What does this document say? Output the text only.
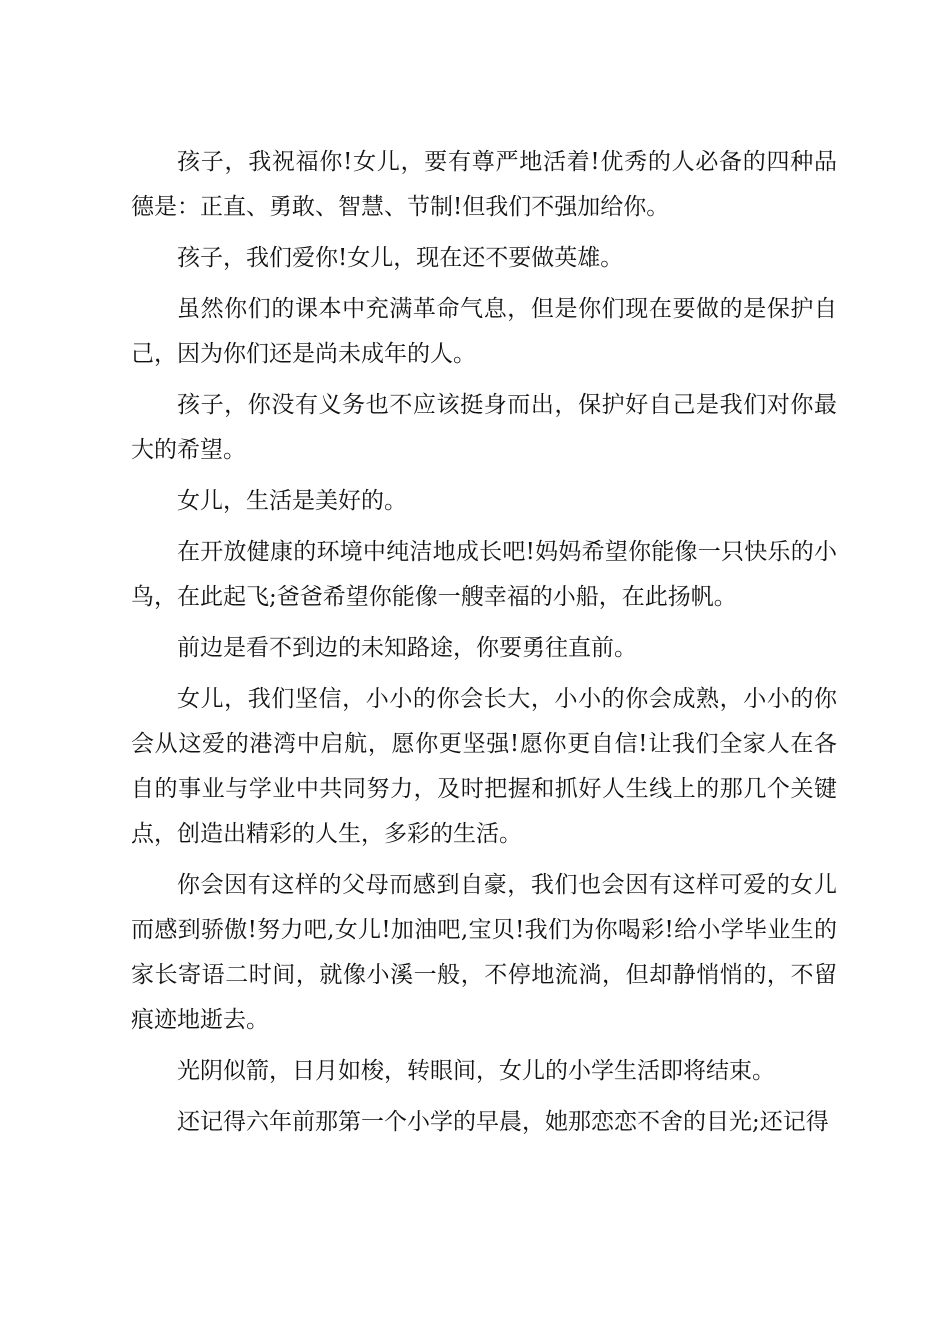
孩子，我祝福你!女儿，要有尊严地活着!优秀的人必备的四种品德是：正直、勇敢、智慧、节制!但我们不强加给你。

孩子，我们爱你!女儿，现在还不要做英雄。

虽然你们的课本中充满革命气息，但是你们现在要做的是保护自己，因为你们还是尚未成年的人。

孩子，你没有义务也不应该挺身而出，保护好自己是我们对你最大的希望。

女儿，生活是美好的。

在开放健康的环境中纯洁地成长吧!妈妈希望你能像一只快乐的小鸟，在此起飞;爸爸希望你能像一艘幸福的小船，在此扬帆。

前边是看不到边的未知路途，你要勇往直前。

女儿，我们坚信，小小的你会长大，小小的你会成熟，小小的你会从这爱的港湾中启航，愿你更坚强!愿你更自信!让我们全家人在各自的事业与学业中共同努力，及时把握和抓好人生线上的那几个关键点，创造出精彩的人生，多彩的生活。

你会因有这样的父母而感到自豪，我们也会因有这样可爱的女儿而感到骄傲!努力吧,女儿!加油吧,宝贝!我们为你喝彩!给小学毕业生的家长寄语二时间，就像小溪一般，不停地流淌，但却静悄悄的，不留痕迹地逝去。

光阴似箭，日月如梭，转眼间，女儿的小学生活即将结束。

还记得六年前那第一个小学的早晨，她那恋恋不舍的目光;还记得
